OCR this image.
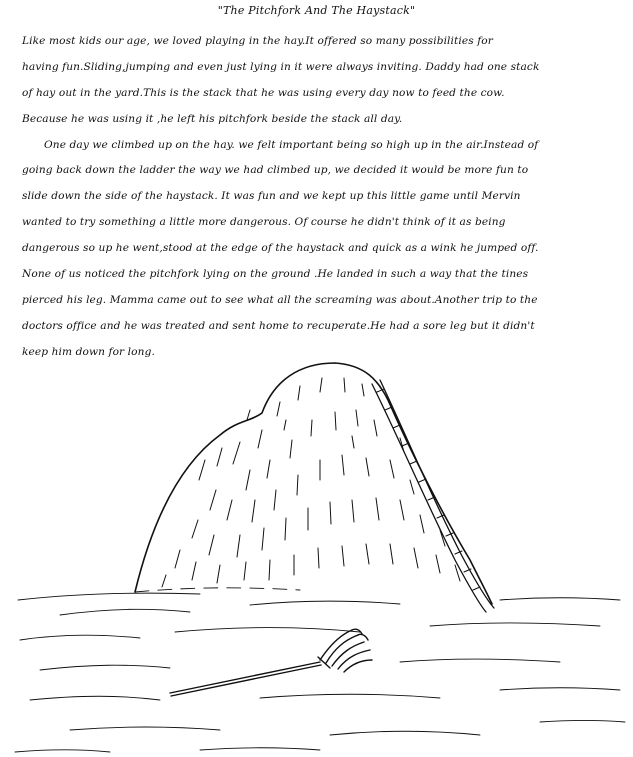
"The Pitchfork And The Haystack"
Like most kids our age, we loved playing in the hay.It offered so many possibilities for
having fun.Sliding,jumping and even just lying in it were always inviting. Daddy had one stack
of hay out in the yard.This is the stack that he was using every day now to feed the cow.
Because he was using it ,he left his pitchfork beside the stack all day.
One day we climbed up on the hay. we felt important being so high up in the air.Instead of
going back down the ladder the way we had climbed up, we decided it would be more fun to
slide down the side of the haystack. It was fun and we kept up this little game until Mervin
wanted to try something a little more dangerous. Of course he didn't think of it as being
dangerous so up he went,stood at the edge of the haystack and quick as a wink he jumped off.
None of us noticed the pitchfork lying on the ground .He landed in such a way that the tines
pierced his leg. Mamma came out to see what all the screaming was about.Another trip to the
doctors office and he was treated and sent home to recuperate.He had a sore leg but it didn't
keep him down for long.
